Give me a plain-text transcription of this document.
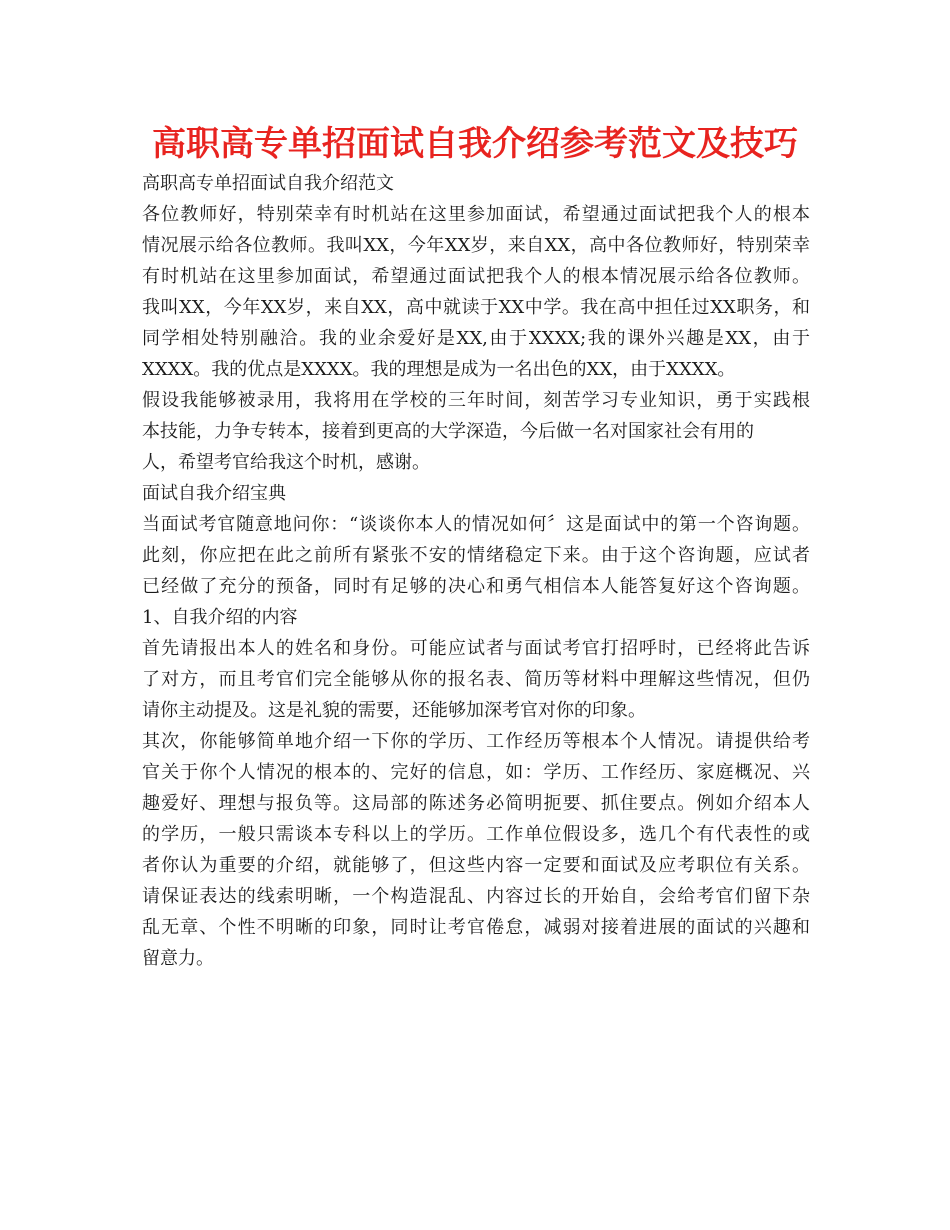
高职高专单招面试自我介绍参考范文及技巧
高职高专单招面试自我介绍范文
各位教师好，特别荣幸有时机站在这里参加面试，希望通过面试把我个人的根本
情况展示给各位教师。我叫XX，今年XX岁，来自XX，高中各位教师好，特别荣幸
有时机站在这里参加面试，希望通过面试把我个人的根本情况展示给各位教师。
我叫XX，今年XX岁，来自XX，高中就读于XX中学。我在高中担任过XX职务，和
同学相处特别融洽。我的业余爱好是XX,由于XXXX;我的课外兴趣是XX，由于
XXXX。我的优点是XXXX。我的理想是成为一名出色的XX，由于XXXX。
假设我能够被录用，我将用在学校的三年时间，刻苦学习专业知识，勇于实践根
本技能，力争专转本，接着到更高的大学深造，今后做一名对国家社会有用的
人，希望考官给我这个时机，感谢。
面试自我介绍宝典
当面试考官随意地问你：“谈谈你本人的情况如何〞这是面试中的第一个咨询题。
此刻，你应把在此之前所有紧张不安的情绪稳定下来。由于这个咨询题，应试者
已经做了充分的预备，同时有足够的决心和勇气相信本人能答复好这个咨询题。
1、自我介绍的内容
首先请报出本人的姓名和身份。可能应试者与面试考官打招呼时，已经将此告诉
了对方，而且考官们完全能够从你的报名表、简历等材料中理解这些情况，但仍
请你主动提及。这是礼貌的需要，还能够加深考官对你的印象。
其次，你能够简单地介绍一下你的学历、工作经历等根本个人情况。请提供给考
官关于你个人情况的根本的、完好的信息，如：学历、工作经历、家庭概况、兴
趣爱好、理想与报负等。这局部的陈述务必简明扼要、抓住要点。例如介绍本人
的学历，一般只需谈本专科以上的学历。工作单位假设多，选几个有代表性的或
者你认为重要的介绍，就能够了，但这些内容一定要和面试及应考职位有关系。
请保证表达的线索明晰，一个构造混乱、内容过长的开始自，会给考官们留下杂
乱无章、个性不明晰的印象，同时让考官倦怠，减弱对接着进展的面试的兴趣和
留意力。
